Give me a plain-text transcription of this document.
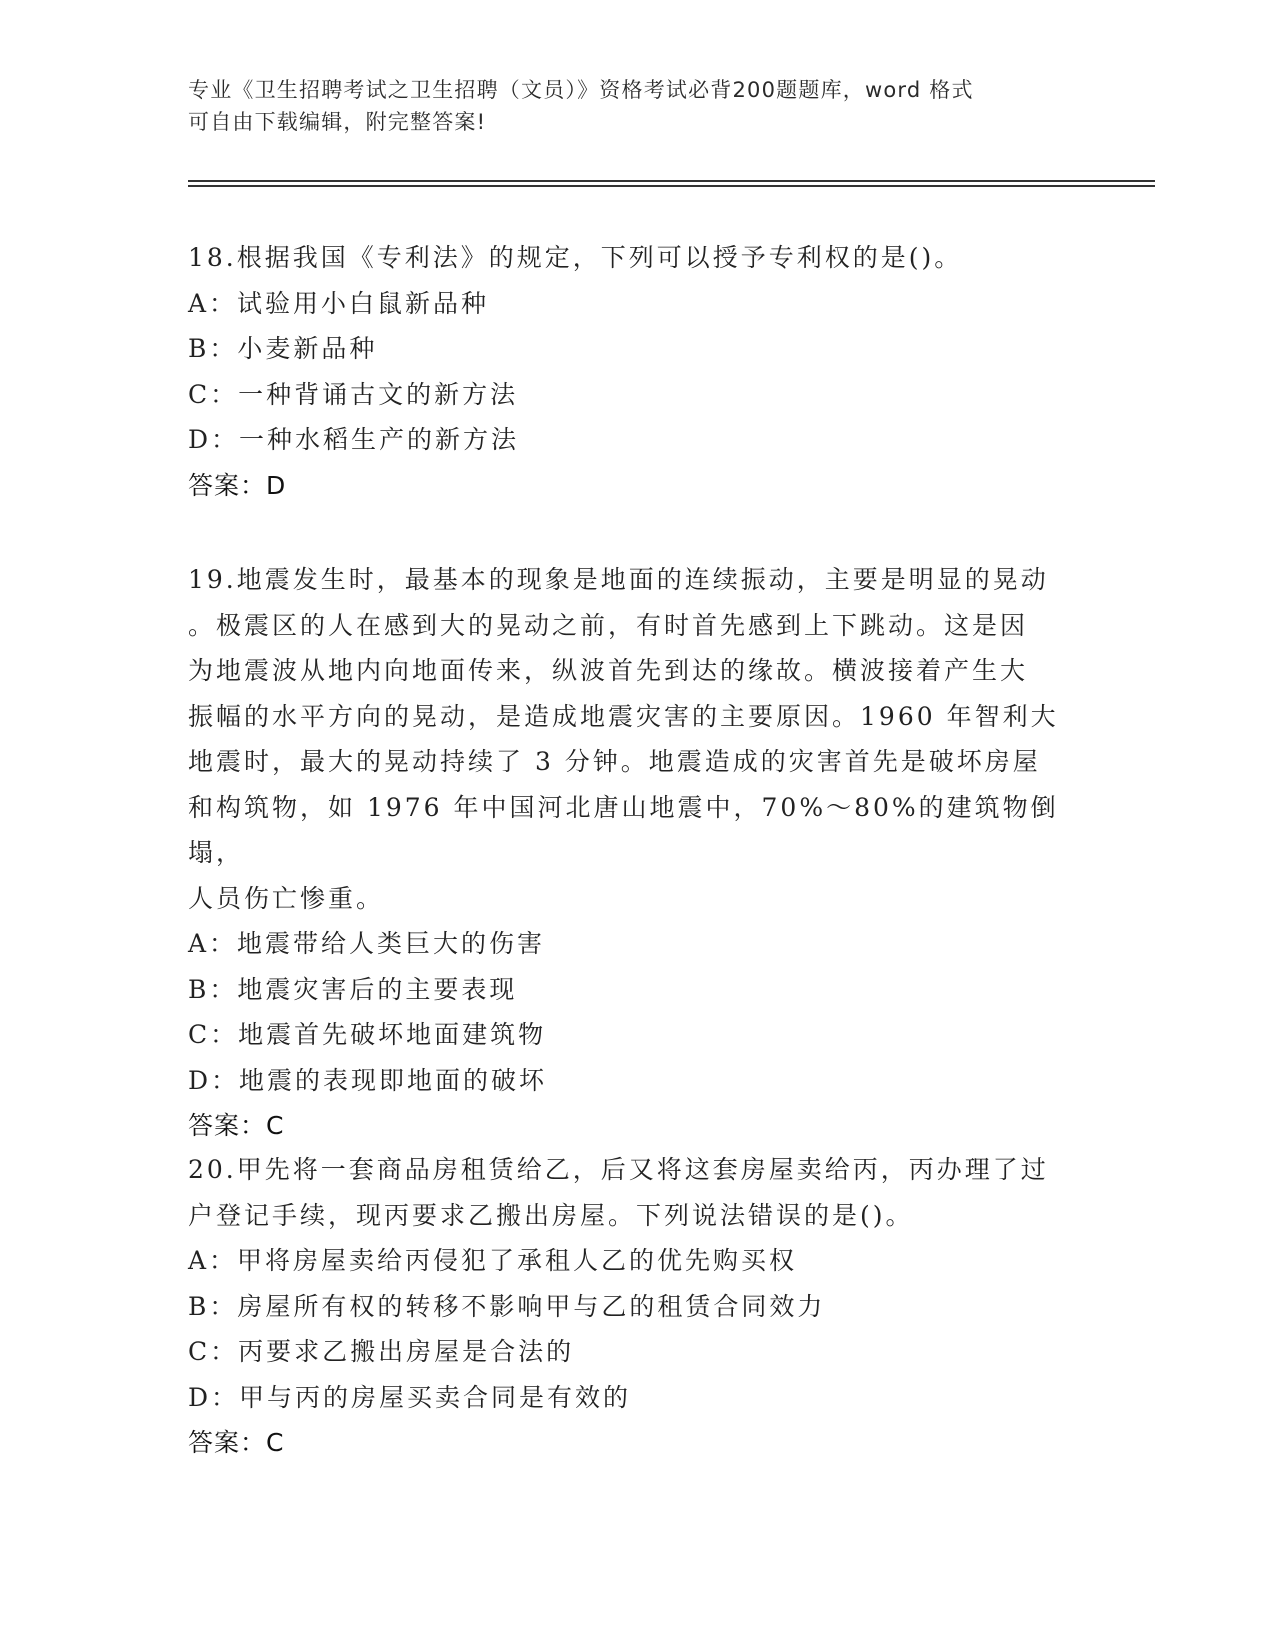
专业《卫生招聘考试之卫生招聘（文员）》资格考试必背200题题库，word 格式
可自由下载编辑，附完整答案!
18.根据我国《专利法》的规定，下列可以授予专利权的是()。
A：试验用小白鼠新品种
B：小麦新品种
C：一种背诵古文的新方法
D：一种水稻生产的新方法
答案：D
19.地震发生时，最基本的现象是地面的连续振动，主要是明显的晃动
。极震区的人在感到大的晃动之前，有时首先感到上下跳动。这是因
为地震波从地内向地面传来，纵波首先到达的缘故。横波接着产生大
振幅的水平方向的晃动，是造成地震灾害的主要原因。1960 年智利大
地震时，最大的晃动持续了 3 分钟。地震造成的灾害首先是破坏房屋
和构筑物，如 1976 年中国河北唐山地震中，70%～80%的建筑物倒塌，
人员伤亡惨重。
A：地震带给人类巨大的伤害
B：地震灾害后的主要表现
C：地震首先破坏地面建筑物
D：地震的表现即地面的破坏
答案：C
20.甲先将一套商品房租赁给乙，后又将这套房屋卖给丙，丙办理了过
户登记手续，现丙要求乙搬出房屋。下列说法错误的是()。
A：甲将房屋卖给丙侵犯了承租人乙的优先购买权
B：房屋所有权的转移不影响甲与乙的租赁合同效力
C：丙要求乙搬出房屋是合法的
D：甲与丙的房屋买卖合同是有效的
答案：C
